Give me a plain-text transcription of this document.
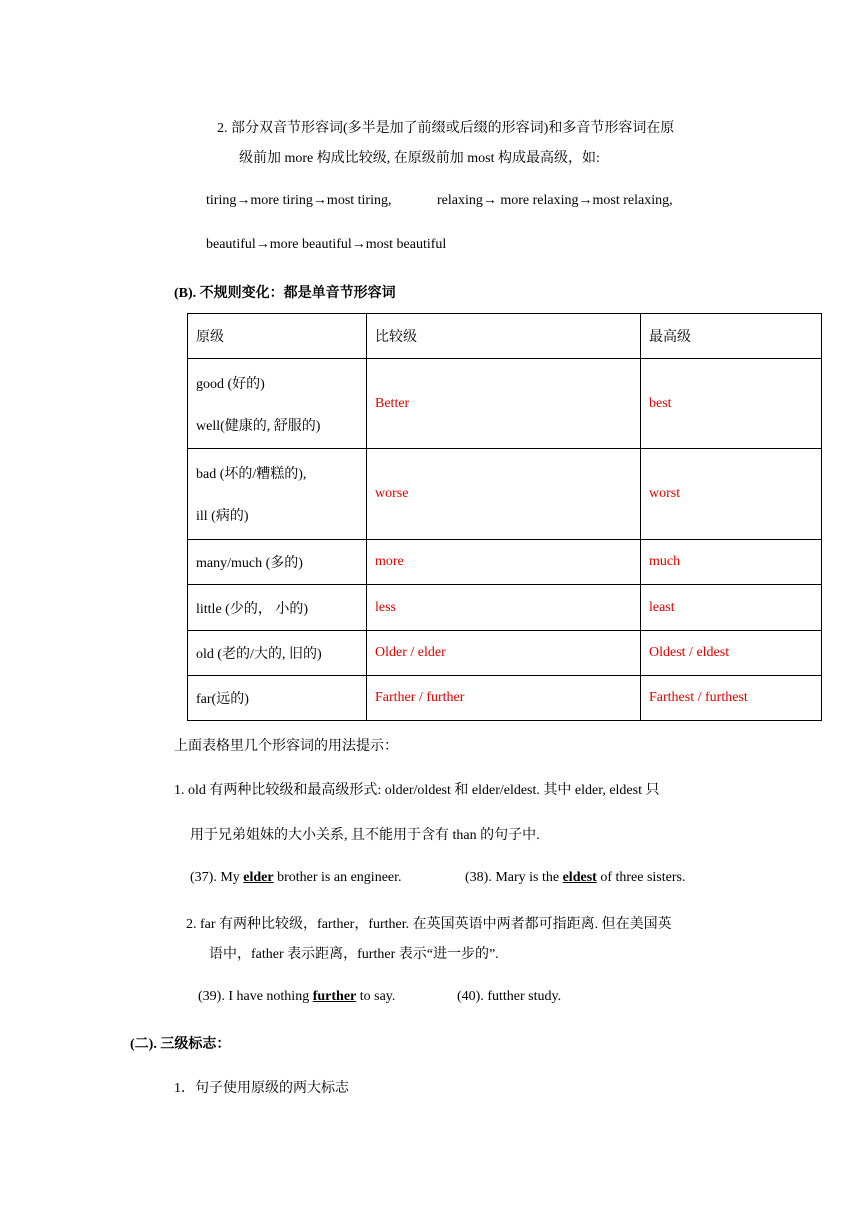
2. 部分双音节形容词(多半是加了前缀或后缀的形容词)和多音节形容词在原
级前加 more 构成比较级, 在原级前加 most 构成最高级，如:
tiring→more tiring→most tiring,	relaxing→ more relaxing→most relaxing,
beautiful→more beautiful→most beautiful
(B). 不规则变化：都是单音节形容词
原级	比较级	最高级
good (好的)
well(健康的, 舒服的)	Better	best
bad (坏的/糟糕的),
ill (病的)	worse	worst
many/much (多的)	more	much
little (少的， 小的)	less	least
old (老的/大的, 旧的)	Older / elder	Oldest / eldest
far(远的)	Farther / further	Farthest / furthest
上面表格里几个形容词的用法提示：
1. old 有两种比较级和最高级形式: older/oldest 和 elder/eldest. 其中 elder, eldest 只
用于兄弟姐妹的大小关系, 且不能用于含有 than 的句子中.
(37). My elder brother is an engineer.	(38). Mary is the eldest of three sisters.
2. far 有两种比较级，farther，further. 在英国英语中两者都可指距离. 但在美国英
语中，father 表示距离，further 表示“进一步的”.
(39). I have nothing further to say.	(40). futther study.
(二). 三级标志：
1．句子使用原级的两大标志
